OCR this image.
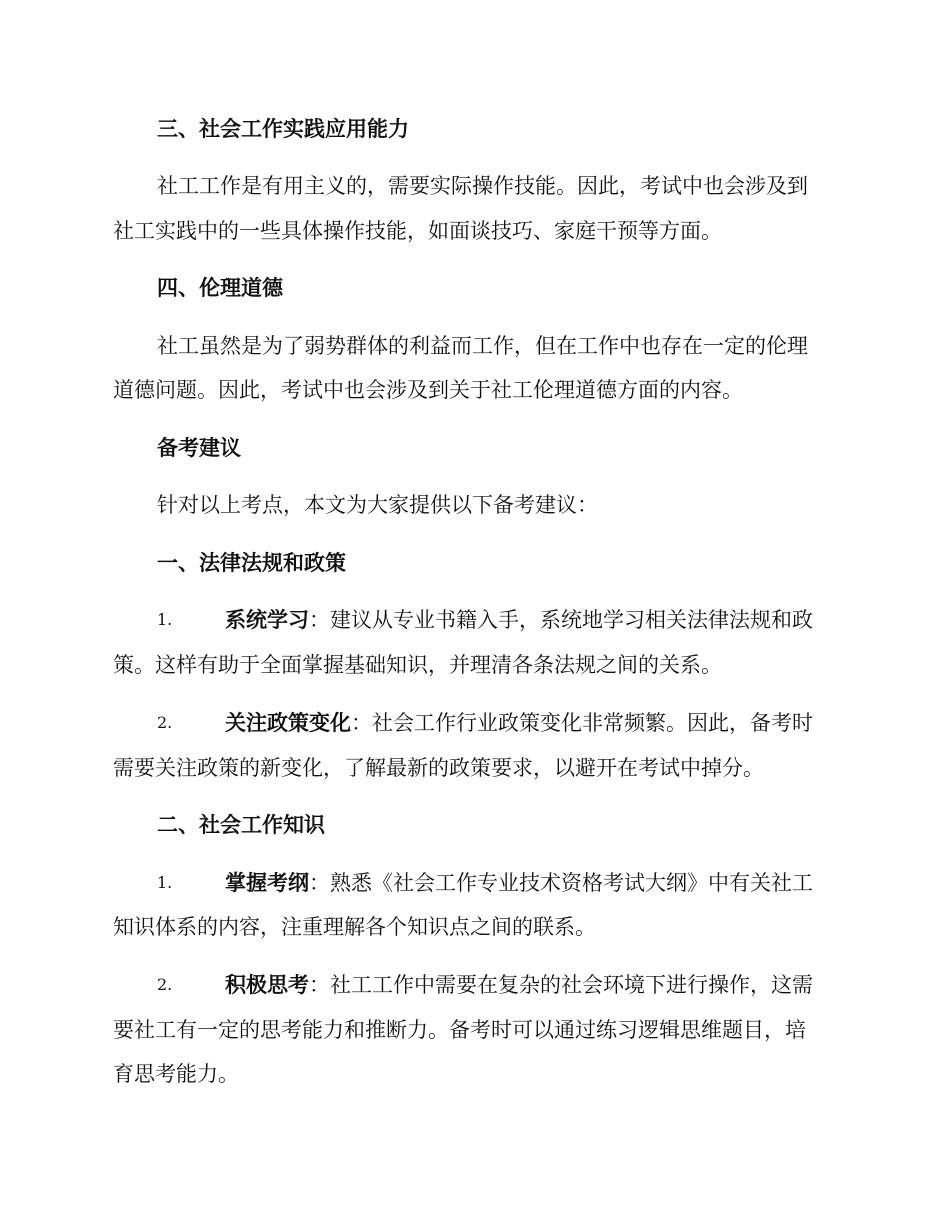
三、社会工作实践应用能力
社工工作是有用主义的，需要实际操作技能。因此，考试中也会涉及到
社工实践中的一些具体操作技能，如面谈技巧、家庭干预等方面。
四、伦理道德
社工虽然是为了弱势群体的利益而工作，但在工作中也存在一定的伦理
道德问题。因此，考试中也会涉及到关于社工伦理道德方面的内容。
备考建议
针对以上考点，本文为大家提供以下备考建议：
一、法律法规和政策
1.	系统学习：建议从专业书籍入手，系统地学习相关法律法规和政
策。这样有助于全面掌握基础知识，并理清各条法规之间的关系。
2.	关注政策变化：社会工作行业政策变化非常频繁。因此，备考时
需要关注政策的新变化，了解最新的政策要求，以避开在考试中掉分。
二、社会工作知识
1.	掌握考纲：熟悉《社会工作专业技术资格考试大纲》中有关社工
知识体系的内容，注重理解各个知识点之间的联系。
2.	积极思考：社工工作中需要在复杂的社会环境下进行操作，这需
要社工有一定的思考能力和推断力。备考时可以通过练习逻辑思维题目，培
育思考能力。
